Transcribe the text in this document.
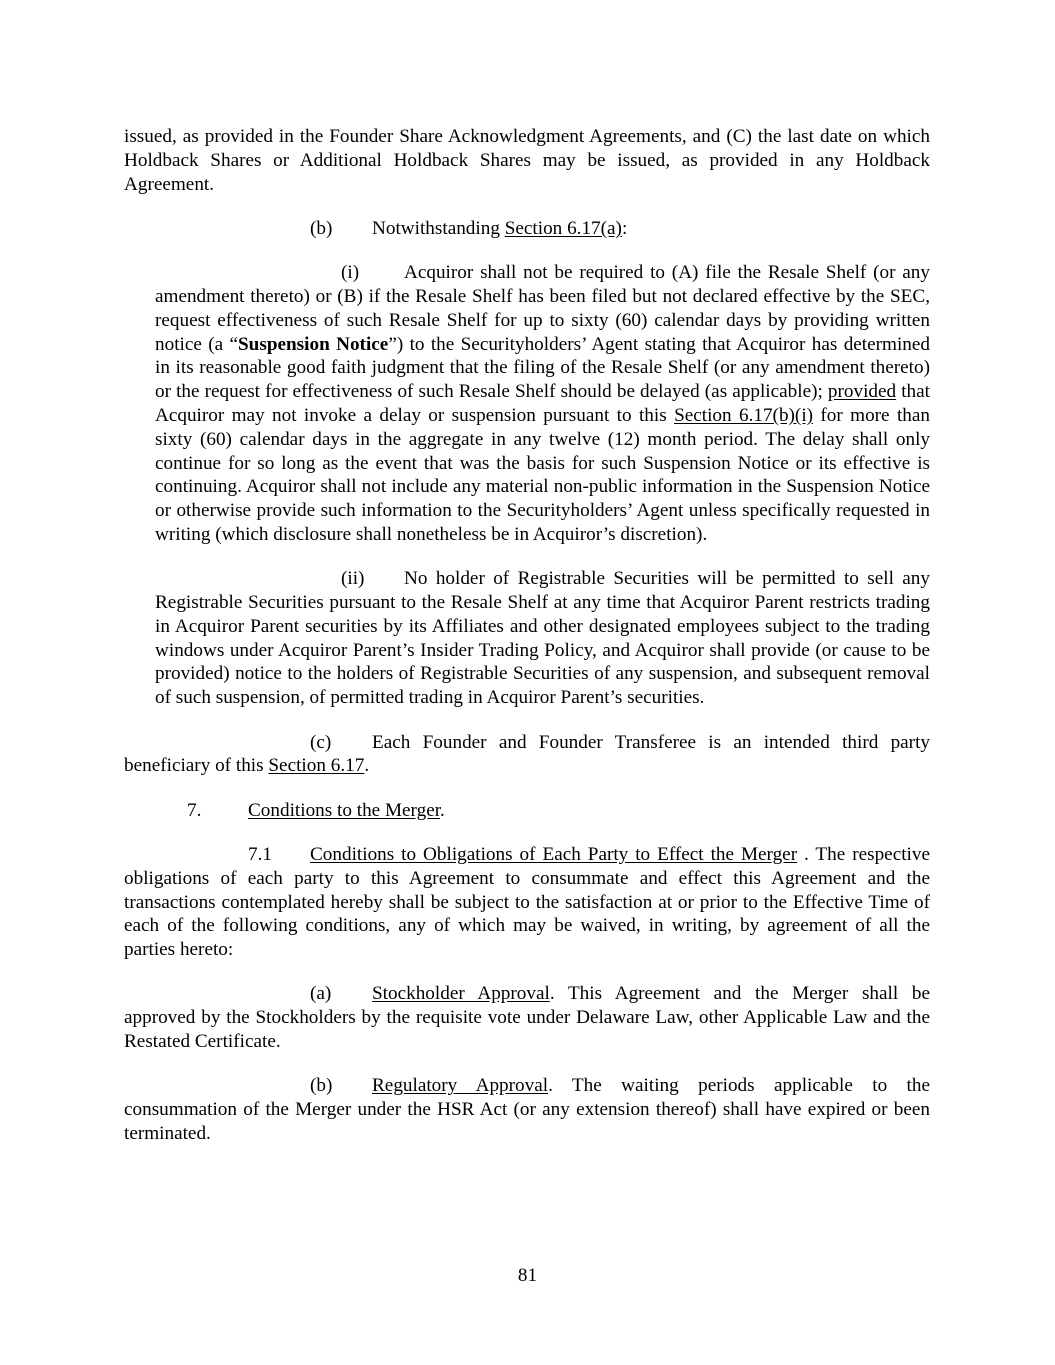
issued, as provided in the Founder Share Acknowledgment Agreements, and (C) the last date on which Holdback Shares or Additional Holdback Shares may be issued, as provided in any Holdback Agreement.

(b) Notwithstanding Section 6.17(a):

(i) Acquiror shall not be required to (A) file the Resale Shelf (or any amendment thereto) or (B) if the Resale Shelf has been filed but not declared effective by the SEC, request effectiveness of such Resale Shelf for up to sixty (60) calendar days by providing written notice (a “Suspension Notice”) to the Securityholders’ Agent stating that Acquiror has determined in its reasonable good faith judgment that the filing of the Resale Shelf (or any amendment thereto) or the request for effectiveness of such Resale Shelf should be delayed (as applicable); provided that Acquiror may not invoke a delay or suspension pursuant to this Section 6.17(b)(i) for more than sixty (60) calendar days in the aggregate in any twelve (12) month period. The delay shall only continue for so long as the event that was the basis for such Suspension Notice or its effective is continuing. Acquiror shall not include any material non-public information in the Suspension Notice or otherwise provide such information to the Securityholders’ Agent unless specifically requested in writing (which disclosure shall nonetheless be in Acquiror’s discretion).

(ii) No holder of Registrable Securities will be permitted to sell any Registrable Securities pursuant to the Resale Shelf at any time that Acquiror Parent restricts trading in Acquiror Parent securities by its Affiliates and other designated employees subject to the trading windows under Acquiror Parent’s Insider Trading Policy, and Acquiror shall provide (or cause to be provided) notice to the holders of Registrable Securities of any suspension, and subsequent removal of such suspension, of permitted trading in Acquiror Parent’s securities.

(c) Each Founder and Founder Transferee is an intended third party beneficiary of this Section 6.17.

7. Conditions to the Merger.

7.1 Conditions to Obligations of Each Party to Effect the Merger . The respective obligations of each party to this Agreement to consummate and effect this Agreement and the transactions contemplated hereby shall be subject to the satisfaction at or prior to the Effective Time of each of the following conditions, any of which may be waived, in writing, by agreement of all the parties hereto:

(a) Stockholder Approval. This Agreement and the Merger shall be approved by the Stockholders by the requisite vote under Delaware Law, other Applicable Law and the Restated Certificate.

(b) Regulatory Approval. The waiting periods applicable to the consummation of the Merger under the HSR Act (or any extension thereof) shall have expired or been terminated.

81
